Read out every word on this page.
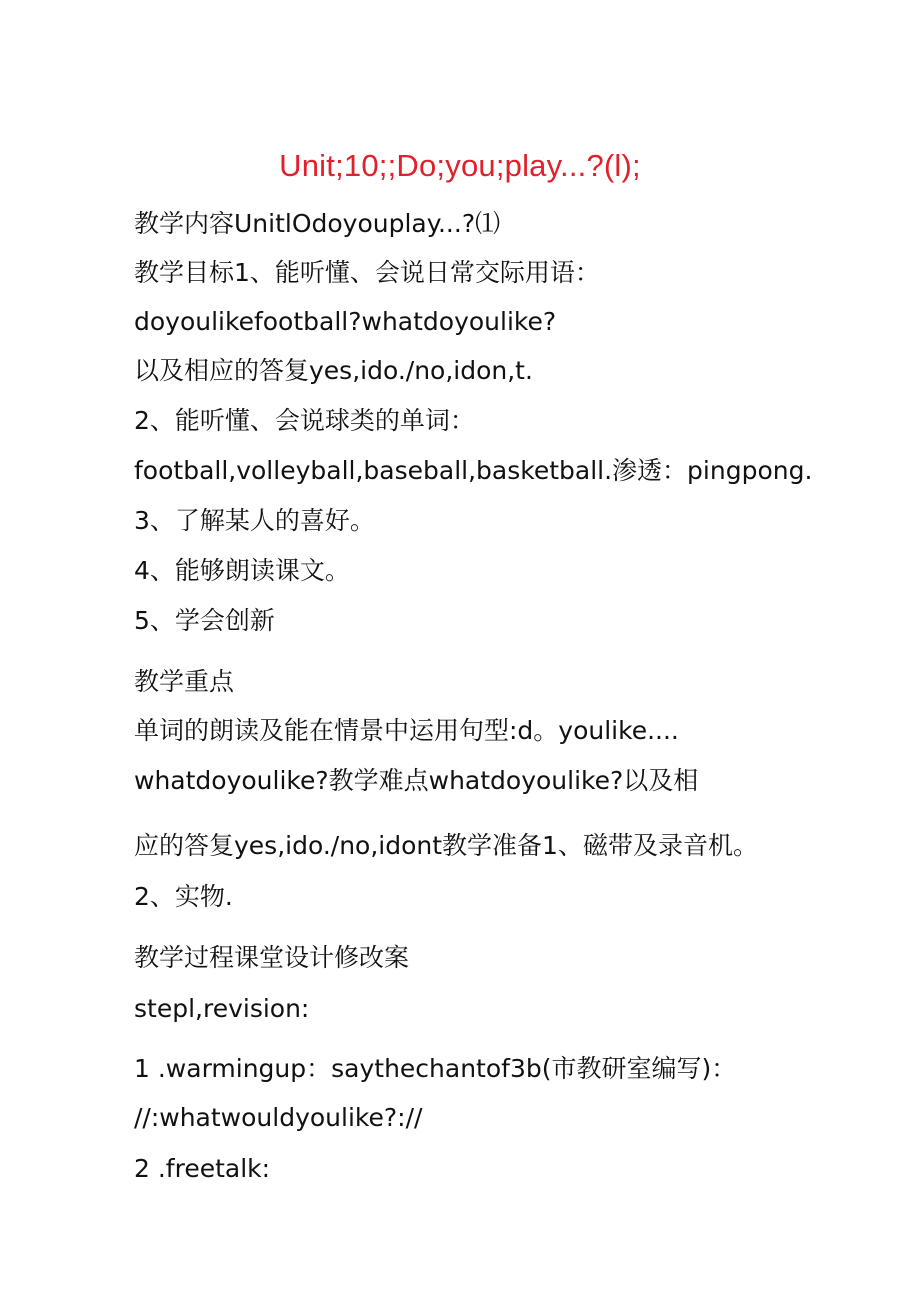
Unit;10;;Do;you;play...?(l);
教学内容UnitlOdoyouplay...?⑴
教学目标1、能听懂、会说日常交际用语：
doyoulikefootball?whatdoyoulike?
以及相应的答复yes,ido./no,idon,t.
2、能听懂、会说球类的单词：
football,volleyball,baseball,basketball.渗透：pingpong.
3、了解某人的喜好。
4、能够朗读课文。
5、学会创新
教学重点
单词的朗读及能在情景中运用句型:d。youlike....
whatdoyoulike?教学难点whatdoyoulike?以及相
应的答复yes,ido./no,idont教学准备1、磁带及录音机。
2、实物.
教学过程课堂设计修改案
stepl,revision:
1 .warmingup：saythechantof3b(市教研室编写)：
//:whatwouldyoulike?://
2 .freetalk:
